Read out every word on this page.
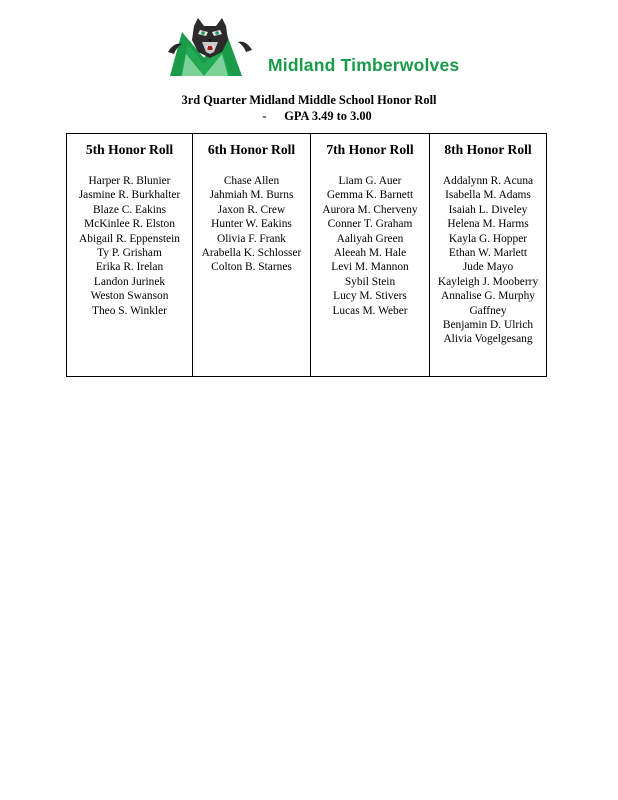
Midland Timberwolves
3rd Quarter Midland Middle School Honor Roll
- GPA 3.49 to 3.00
5th Honor Roll
Harper R. Blunier
Jasmine R. Burkhalter
Blaze C. Eakins
McKinlee R. Elston
Abigail R. Eppenstein
Ty P. Grisham
Erika R. Irelan
Landon Jurinek
Weston Swanson
Theo S. Winkler
6th Honor Roll
Chase Allen
Jahmiah M. Burns
Jaxon R. Crew
Hunter W. Eakins
Olivia F. Frank
Arabella K. Schlosser
Colton B. Starnes
7th Honor Roll
Liam G. Auer
Gemma K. Barnett
Aurora M. Cherveny
Conner T. Graham
Aaliyah Green
Aleeah M. Hale
Levi M. Mannon
Sybil Stein
Lucy M. Stivers
Lucas M. Weber
8th Honor Roll
Addalynn R. Acuna
Isabella M. Adams
Isaiah L. Diveley
Helena M. Harms
Kayla G. Hopper
Ethan W. Marlett
Jude Mayo
Kayleigh J. Mooberry
Annalise G. Murphy
Gaffney
Benjamin D. Ulrich
Alivia Vogelgesang
